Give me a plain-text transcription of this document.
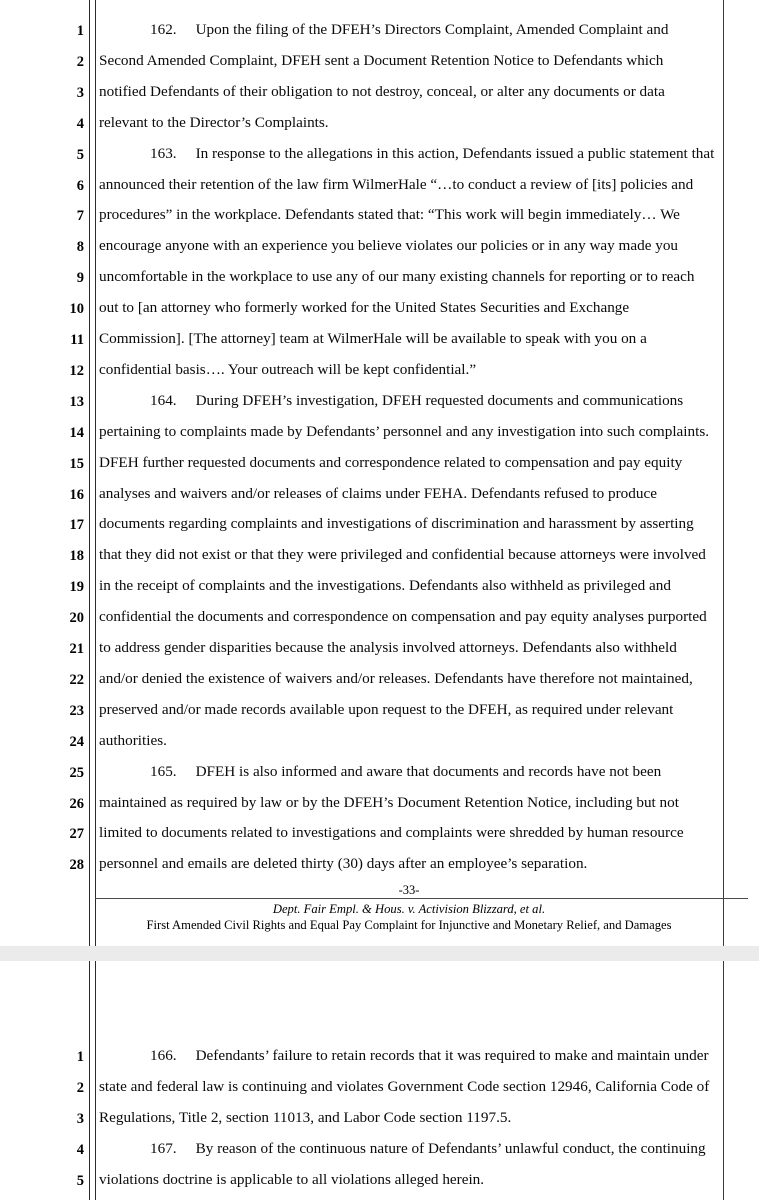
1
2
3
4
5
6
7
8
9
10
11
12
13
14
15
16
17
18
19
20
21
22
23
24
25
26
27
28
162.  Upon the filing of the DFEH’s Directors Complaint, Amended Complaint and
Second Amended Complaint, DFEH sent a Document Retention Notice to Defendants which
notified Defendants of their obligation to not destroy, conceal, or alter any documents or data
relevant to the Director’s Complaints.
163.  In response to the allegations in this action, Defendants issued a public statement that
announced their retention of the law firm WilmerHale “…to conduct a review of [its] policies and
procedures” in the workplace. Defendants stated that: “This work will begin immediately… We
encourage anyone with an experience you believe violates our policies or in any way made you
uncomfortable in the workplace to use any of our many existing channels for reporting or to reach
out to [an attorney who formerly worked for the United States Securities and Exchange
Commission]. [The attorney] team at WilmerHale will be available to speak with you on a
confidential basis…. Your outreach will be kept confidential.”
164.  During DFEH’s investigation, DFEH requested documents and communications
pertaining to complaints made by Defendants’ personnel and any investigation into such complaints.
DFEH further requested documents and correspondence related to compensation and pay equity
analyses and waivers and/or releases of claims under FEHA. Defendants refused to produce
documents regarding complaints and investigations of discrimination and harassment by asserting
that they did not exist or that they were privileged and confidential because attorneys were involved
in the receipt of complaints and the investigations. Defendants also withheld as privileged and
confidential the documents and correspondence on compensation and pay equity analyses purported
to address gender disparities because the analysis involved attorneys. Defendants also withheld
and/or denied the existence of waivers and/or releases. Defendants have therefore not maintained,
preserved and/or made records available upon request to the DFEH, as required under relevant
authorities.
165.  DFEH is also informed and aware that documents and records have not been
maintained as required by law or by the DFEH’s Document Retention Notice, including but not
limited to documents related to investigations and complaints were shredded by human resource
personnel and emails are deleted thirty (30) days after an employee’s separation.
-33-
Dept. Fair Empl. & Hous. v. Activision Blizzard, et al.
First Amended Civil Rights and Equal Pay Complaint for Injunctive and Monetary Relief, and Damages
1
2
3
4
5
166.  Defendants’ failure to retain records that it was required to make and maintain under
state and federal law is continuing and violates Government Code section 12946, California Code of
Regulations, Title 2, section 11013, and Labor Code section 1197.5.
167.  By reason of the continuous nature of Defendants’ unlawful conduct, the continuing
violations doctrine is applicable to all violations alleged herein.
